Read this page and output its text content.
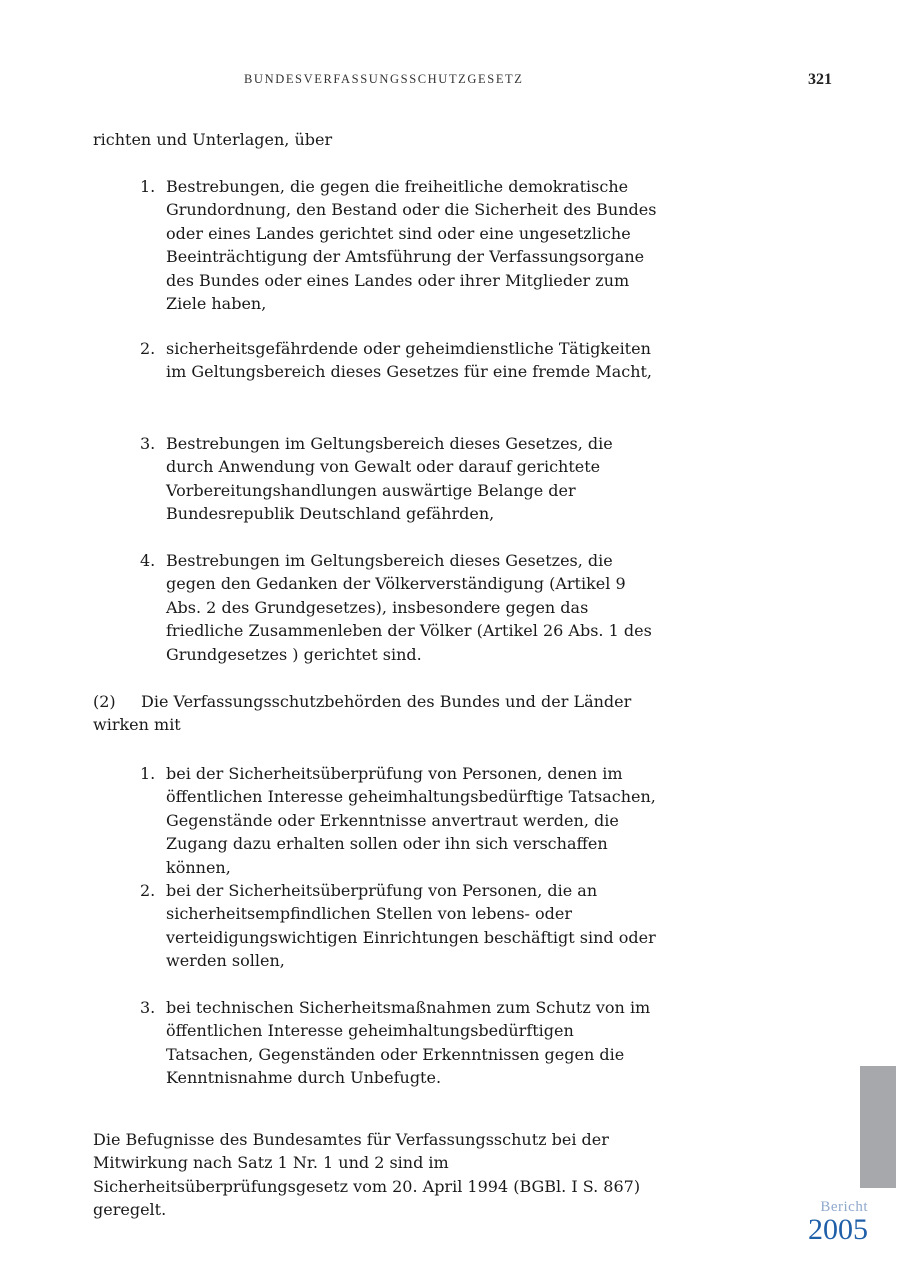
BUNDESVERFASSUNGSSCHUTZGESETZ	321

richten und Unterlagen, über

1. Bestrebungen, die gegen die freiheitliche demokratische Grundordnung, den Bestand oder die Sicherheit des Bundes oder eines Landes gerichtet sind oder eine ungesetzliche Beeinträchtigung der Amtsführung der Verfassungsorgane des Bundes oder eines Landes oder ihrer Mitglieder zum Ziele haben,
2. sicherheitsgefährdende oder geheimdienstliche Tätigkeiten im Geltungsbereich dieses Gesetzes für eine fremde Macht,
3. Bestrebungen im Geltungsbereich dieses Gesetzes, die durch Anwendung von Gewalt oder darauf gerichtete Vorbereitungshandlungen auswärtige Belange der Bundesrepublik Deutschland gefährden,
4. Bestrebungen im Geltungsbereich dieses Gesetzes, die gegen den Gedanken der Völkerverständigung (Artikel 9 Abs. 2 des Grundgesetzes), insbesondere gegen das friedliche Zusammenleben der Völker (Artikel 26 Abs. 1 des Grundgesetzes ) gerichtet sind.
(2) Die Verfassungsschutzbehörden des Bundes und der Länder wirken mit
1. bei der Sicherheitsüberprüfung von Personen, denen im öffentlichen Interesse geheimhaltungsbedürftige Tatsachen, Gegenstände oder Erkenntnisse anvertraut werden, die Zugang dazu erhalten sollen oder ihn sich verschaffen können,
2. bei der Sicherheitsüberprüfung von Personen, die an sicherheitsempfindlichen Stellen von lebens- oder verteidigungswichtigen Einrichtungen beschäftigt sind oder werden sollen,
3. bei technischen Sicherheitsmaßnahmen zum Schutz von im öffentlichen Interesse geheimhaltungsbedürftigen Tatsachen, Gegenständen oder Erkenntnissen gegen die Kenntnisnahme durch Unbefugte.

Die Befugnisse des Bundesamtes für Verfassungsschutz bei der Mitwirkung nach Satz 1 Nr. 1 und 2 sind im Sicherheitsüberprüfungsgesetz vom 20. April 1994 (BGBl. I S. 867) geregelt.	Bericht
2005
